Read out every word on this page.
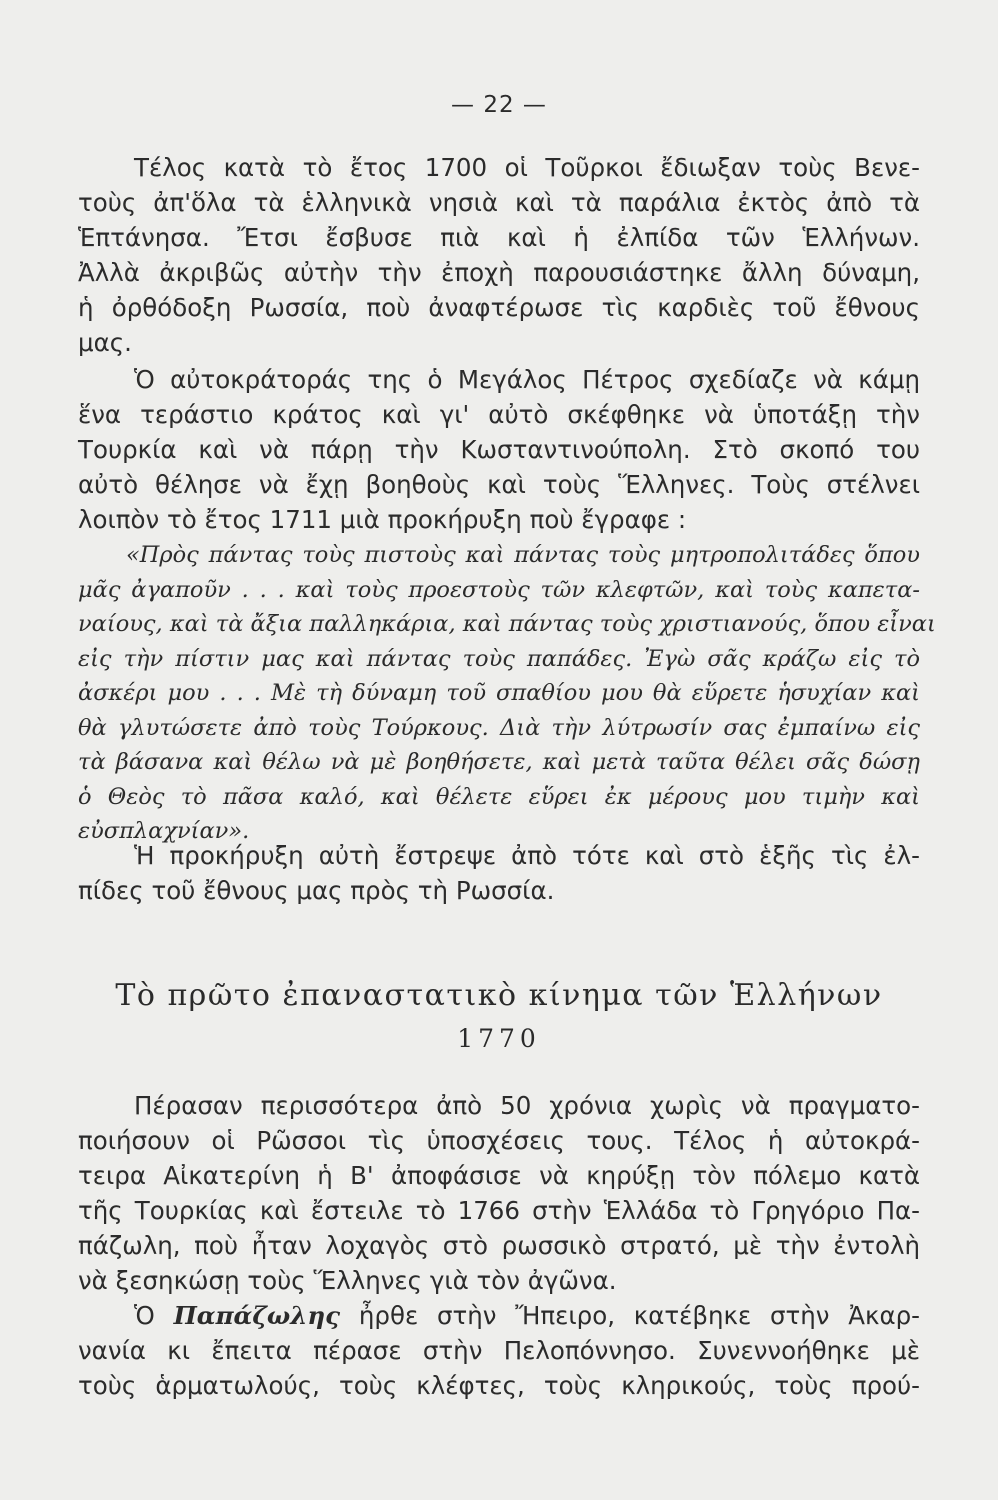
— 22 —
Τέλος κατὰ τὸ ἔτος 1700 οἱ Τοῦρκοι ἔδιωξαν τοὺς Βενε-
τοὺς ἀπ'ὅλα τὰ ἑλληνικὰ νησιὰ καὶ τὰ παράλια ἐκτὸς ἀπὸ τὰ
Ἑπτάνησα. Ἔτσι ἔσβυσε πιὰ καὶ ἡ ἐλπίδα τῶν Ἑλλήνων.
Ἀλλὰ ἀκριβῶς αὐτὴν τὴν ἐποχὴ παρουσιάστηκε ἄλλη δύναμη,
ἡ ὀρθόδοξη Ρωσσία, ποὺ ἀναφτέρωσε τὶς καρδιὲς τοῦ ἔθνους
μας.
Ὁ αὐτοκράτοράς της ὁ Μεγάλος Πέτρος σχεδίαζε νὰ κάμῃ
ἕνα τεράστιο κράτος καὶ γι' αὐτὸ σκέφθηκε νὰ ὑποτάξῃ τὴν
Τουρκία καὶ νὰ πάρῃ τὴν Κωσταντινούπολη. Στὸ σκοπό του
αὐτὸ θέλησε νὰ ἔχῃ βοηθοὺς καὶ τοὺς Ἕλληνες. Τοὺς στέλνει
λοιπὸν τὸ ἔτος 1711 μιὰ προκήρυξη ποὺ ἔγραφε :
«Πρὸς πάντας τοὺς πιστοὺς καὶ πάντας τοὺς μητροπολιτάδες ὅπου
μᾶς ἀγαποῦν . . . καὶ τοὺς προεστοὺς τῶν κλεφτῶν, καὶ τοὺς καπετα-
ναίους, καὶ τὰ ἄξια παλληκάρια, καὶ πάντας τοὺς χριστιανούς, ὅπου εἶναι
εἰς τὴν πίστιν μας καὶ πάντας τοὺς παπάδες. Ἐγὼ σᾶς κράζω εἰς τὸ
ἀσκέρι μου . . . Μὲ τὴ δύναμη τοῦ σπαθίου μου θὰ εὕρετε ἡσυχίαν καὶ
θὰ γλυτώσετε ἀπὸ τοὺς Τούρκους. Διὰ τὴν λύτρωσίν σας ἐμπαίνω εἰς
τὰ βάσανα καὶ θέλω νὰ μὲ βοηθήσετε, καὶ μετὰ ταῦτα θέλει σᾶς δώσῃ
ὁ Θεὸς τὸ πᾶσα καλό, καὶ θέλετε εὕρει ἐκ μέρους μου τιμὴν καὶ
εὐσπλαχνίαν».
Ἡ προκήρυξη αὐτὴ ἔστρεψε ἀπὸ τότε καὶ στὸ ἑξῆς τὶς ἐλ-
πίδες τοῦ ἔθνους μας πρὸς τὴ Ρωσσία.
Τὸ πρῶτο ἐπαναστατικὸ κίνημα τῶν Ἑλλήνων
1770
Πέρασαν περισσότερα ἀπὸ 50 χρόνια χωρὶς νὰ πραγματο-
ποιήσουν οἱ Ρῶσσοι τὶς ὑποσχέσεις τους. Τέλος ἡ αὐτοκρά-
τειρα Αἰκατερίνη ἡ Β' ἀποφάσισε νὰ κηρύξῃ τὸν πόλεμο κατὰ
τῆς Τουρκίας καὶ ἔστειλε τὸ 1766 στὴν Ἑλλάδα τὸ Γρηγόριο Πα-
πάζωλη, ποὺ ἦταν λοχαγὸς στὸ ρωσσικὸ στρατό, μὲ τὴν ἐντολὴ
νὰ ξεσηκώσῃ τοὺς Ἕλληνες γιὰ τὸν ἀγῶνα.
Ὁ Παπάζωλης ἦρθε στὴν Ἤπειρο, κατέβηκε στὴν Ἀκαρ-
νανία κι ἔπειτα πέρασε στὴν Πελοπόννησο. Συνεννοήθηκε μὲ
τοὺς ἁρματωλούς, τοὺς κλέφτες, τοὺς κληρικούς, τοὺς πρού-
